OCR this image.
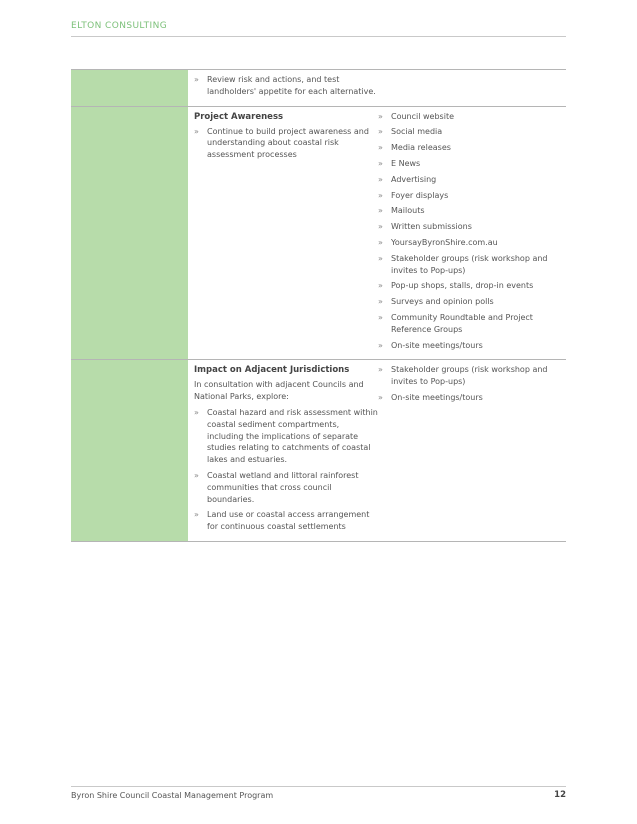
ELTON CONSULTING
» Review risk and actions, and test landholders' appetite for each alternative.
Project Awareness
» Continue to build project awareness and understanding about coastal risk assessment processes
» Council website
» Social media
» Media releases
» E News
» Advertising
» Foyer displays
» Mailouts
» Written submissions
» YoursayByronShire.com.au
» Stakeholder groups (risk workshop and invites to Pop-ups)
» Pop-up shops, stalls, drop-in events
» Surveys and opinion polls
» Community Roundtable and Project Reference Groups
» On-site meetings/tours
Impact on Adjacent Jurisdictions
In consultation with adjacent Councils and National Parks, explore:
» Coastal hazard and risk assessment within coastal sediment compartments, including the implications of separate studies relating to catchments of coastal lakes and estuaries.
» Coastal wetland and littoral rainforest communities that cross council boundaries.
» Land use or coastal access arrangement for continuous coastal settlements
» Stakeholder groups (risk workshop and invites to Pop-ups)
» On-site meetings/tours
Byron Shire Council Coastal Management Program	12
